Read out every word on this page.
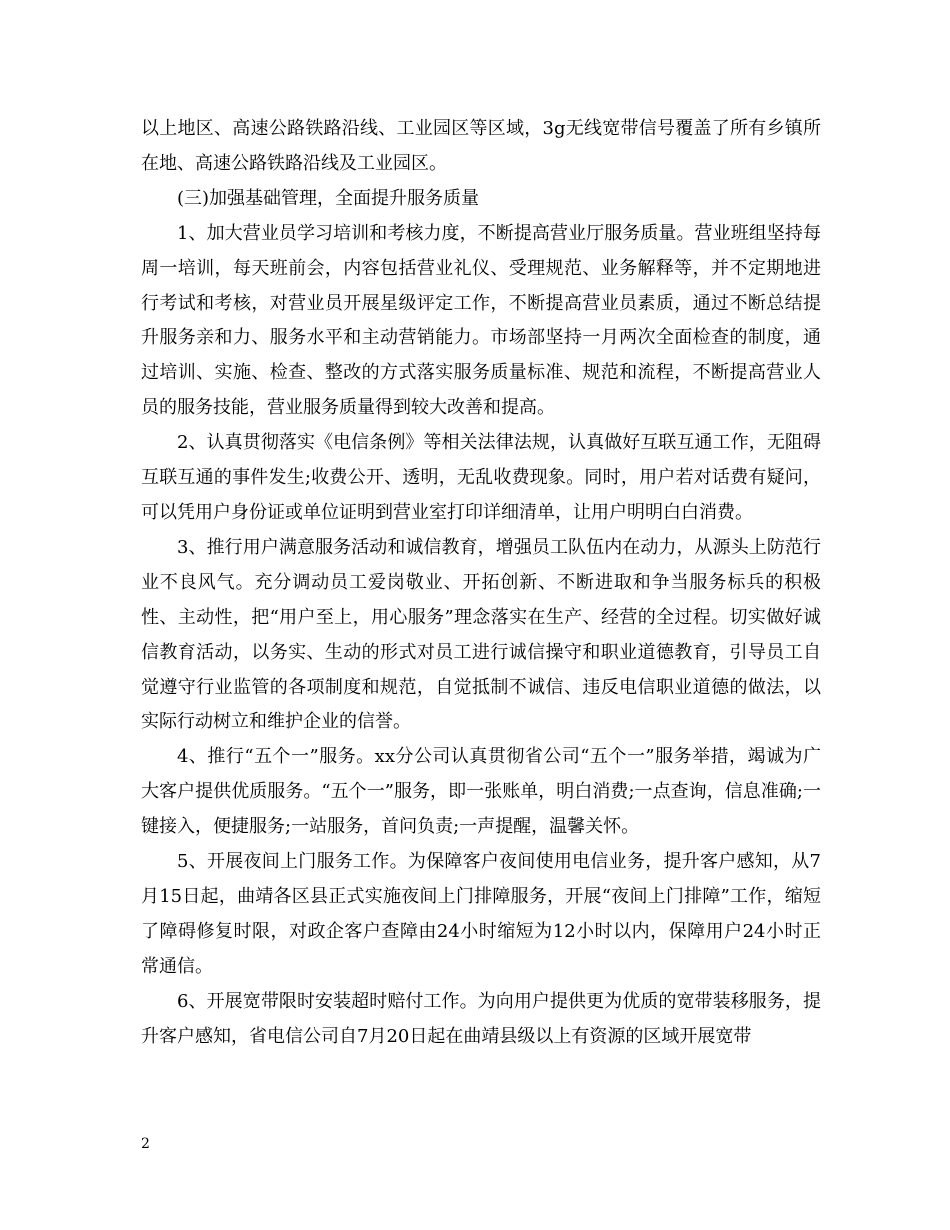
以上地区、高速公路铁路沿线、工业园区等区域，3g无线宽带信号覆盖了所有乡镇所在地、高速公路铁路沿线及工业园区。

(三)加强基础管理，全面提升服务质量

1、加大营业员学习培训和考核力度，不断提高营业厅服务质量。营业班组坚持每周一培训，每天班前会，内容包括营业礼仪、受理规范、业务解释等，并不定期地进行考试和考核，对营业员开展星级评定工作，不断提高营业员素质，通过不断总结提升服务亲和力、服务水平和主动营销能力。市场部坚持一月两次全面检查的制度，通过培训、实施、检查、整改的方式落实服务质量标准、规范和流程，不断提高营业人员的服务技能，营业服务质量得到较大改善和提高。

2、认真贯彻落实《电信条例》等相关法律法规，认真做好互联互通工作，无阻碍互联互通的事件发生;收费公开、透明，无乱收费现象。同时，用户若对话费有疑问，可以凭用户身份证或单位证明到营业室打印详细清单，让用户明明白白消费。

3、推行用户满意服务活动和诚信教育，增强员工队伍内在动力，从源头上防范行业不良风气。充分调动员工爱岗敬业、开拓创新、不断进取和争当服务标兵的积极性、主动性，把“用户至上，用心服务”理念落实在生产、经营的全过程。切实做好诚信教育活动，以务实、生动的形式对员工进行诚信操守和职业道德教育，引导员工自觉遵守行业监管的各项制度和规范，自觉抵制不诚信、违反电信职业道德的做法，以实际行动树立和维护企业的信誉。

4、推行“五个一”服务。xx分公司认真贯彻省公司“五个一”服务举措，竭诚为广大客户提供优质服务。“五个一”服务，即一张账单，明白消费;一点查询，信息准确;一键接入，便捷服务;一站服务，首问负责;一声提醒，温馨关怀。

5、开展夜间上门服务工作。为保障客户夜间使用电信业务，提升客户感知，从7月15日起，曲靖各区县正式实施夜间上门排障服务，开展“夜间上门排障”工作，缩短了障碍修复时限，对政企客户查障由24小时缩短为12小时以内，保障用户24小时正常通信。

6、开展宽带限时安装超时赔付工作。为向用户提供更为优质的宽带装移服务，提升客户感知，省电信公司自7月20日起在曲靖县级以上有资源的区域开展宽带

2
